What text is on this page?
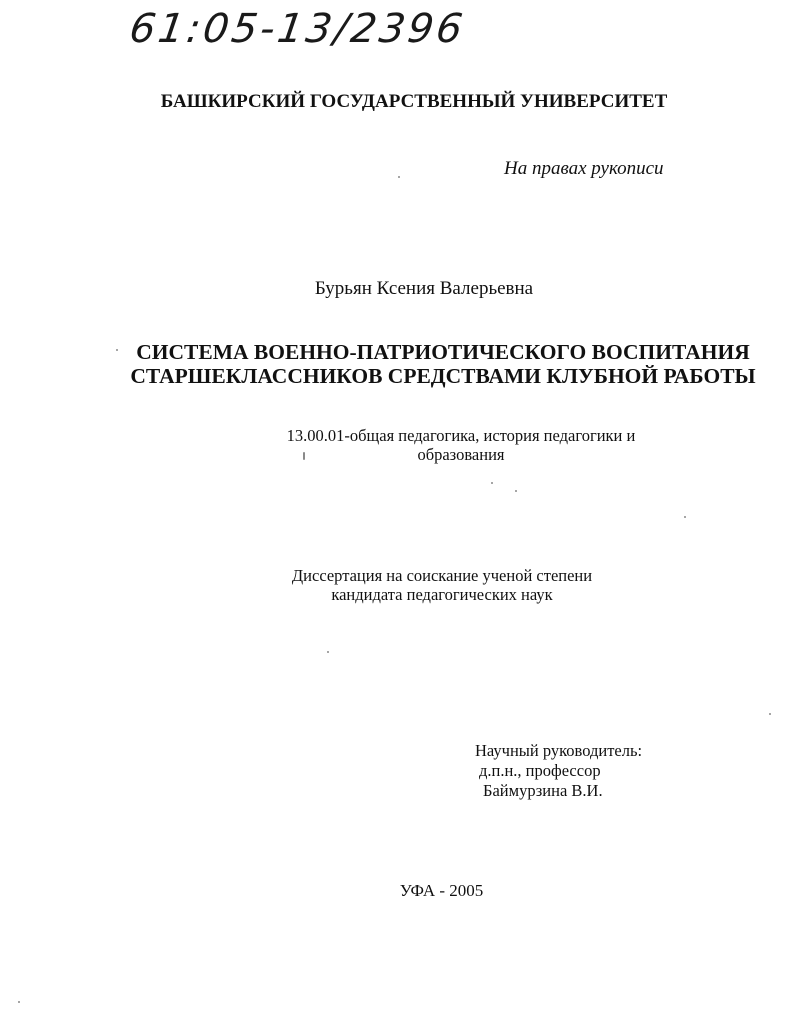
61:05-13/2396
БАШКИРСКИЙ ГОСУДАРСТВЕННЫЙ УНИВЕРСИТЕТ
На правах рукописи
Бурьян Ксения Валерьевна
СИСТЕМА ВОЕННО-ПАТРИОТИЧЕСКОГО ВОСПИТАНИЯ
СТАРШЕКЛАССНИКОВ СРЕДСТВАМИ КЛУБНОЙ РАБОТЫ
13.00.01-общая педагогика, история педагогики и
образования
Диссертация на соискание ученой степени
кандидата педагогических наук
Научный руководитель:
д.п.н., профессор
Баймурзина В.И.
УФА - 2005
